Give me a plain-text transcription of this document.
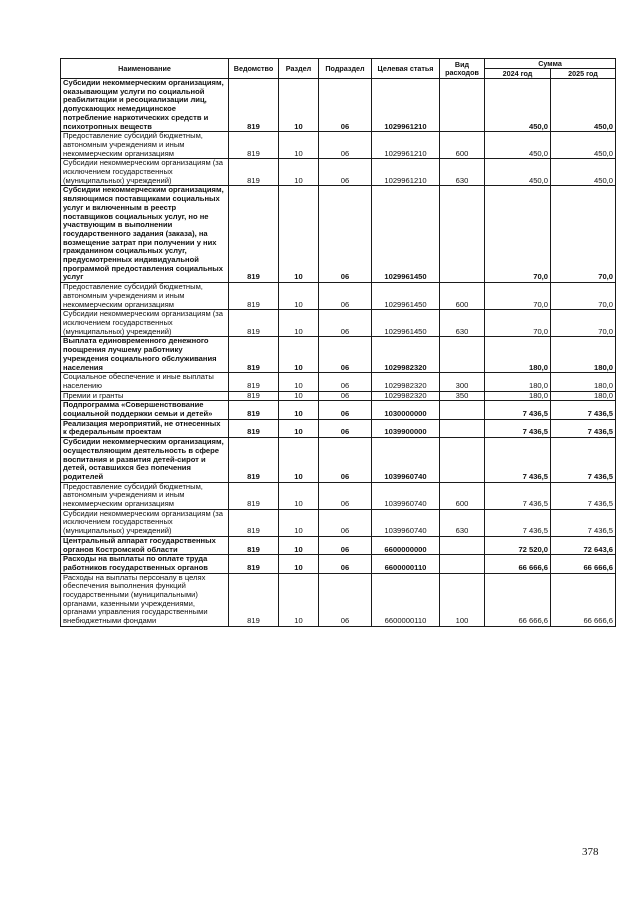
Наименование	Ведомство	Раздел	Подраздел	Целевая статья	Вид расходов	Сумма	
						2024 год	2025 год
Субсидии некоммерческим организациям, оказывающим услуги по социальной реабилитации и ресоциализации лиц, допускающих немедицинское потребление наркотических средств и психотропных веществ	819	10	06	1029961210		450,0	450,0
Предоставление субсидий бюджетным, автономным учреждениям и иным некоммерческим организациям	819	10	06	1029961210	600	450,0	450,0
Субсидии некоммерческим организациям (за исключением государственных (муниципальных) учреждений)	819	10	06	1029961210	630	450,0	450,0
Субсидии некоммерческим организациям, являющимся поставщиками социальных услуг и включенным в реестр поставщиков социальных услуг, но не участвующим в выполнении государственного задания (заказа), на возмещение затрат при получении у них гражданином социальных услуг, предусмотренных индивидуальной программой предоставления социальных услуг	819	10	06	1029961450		70,0	70,0
Предоставление субсидий бюджетным, автономным учреждениям и иным некоммерческим организациям	819	10	06	1029961450	600	70,0	70,0
Субсидии некоммерческим организациям (за исключением государственных (муниципальных) учреждений)	819	10	06	1029961450	630	70,0	70,0
Выплата единовременного денежного поощрения лучшему работнику учреждения социального обслуживания населения	819	10	06	1029982320		180,0	180,0
Социальное обеспечение и иные выплаты населению	819	10	06	1029982320	300	180,0	180,0
Премии и гранты	819	10	06	1029982320	350	180,0	180,0
Подпрограмма «Совершенствование социальной поддержки семьи и детей»	819	10	06	1030000000		7 436,5	7 436,5
Реализация мероприятий, не отнесенных к федеральным проектам	819	10	06	1039900000		7 436,5	7 436,5
Субсидии некоммерческим организациям, осуществляющим деятельность в сфере воспитания и развития детей-сирот и детей, оставшихся без попечения родителей	819	10	06	1039960740		7 436,5	7 436,5
Предоставление субсидий бюджетным, автономным учреждениям и иным некоммерческим организациям	819	10	06	1039960740	600	7 436,5	7 436,5
Субсидии некоммерческим организациям (за исключением государственных (муниципальных) учреждений)	819	10	06	1039960740	630	7 436,5	7 436,5
Центральный аппарат государственных органов Костромской области	819	10	06	6600000000		72 520,0	72 643,6
Расходы на выплаты по оплате труда работников государственных органов	819	10	06	6600000110		66 666,6	66 666,6
Расходы на выплаты персоналу в целях обеспечения выполнения функций государственными (муниципальными) органами, казенными учреждениями, органами управления государственными внебюджетными фондами	819	10	06	6600000110	100	66 666,6	66 666,6
378
